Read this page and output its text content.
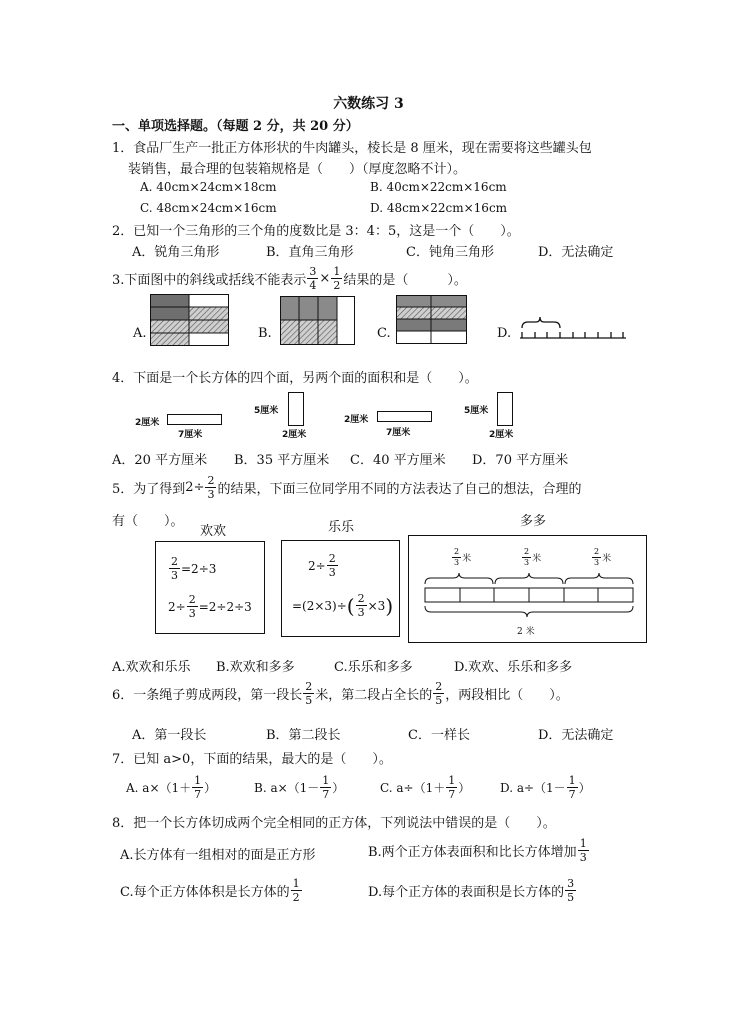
六数练习 3
一、单项选择题。（每题 2 分，共 20 分）
1．食品厂生产一批正方体形状的牛肉罐头，棱长是 8 厘米，现在需要将这些罐头包
装销售，最合理的包装箱规格是（　　）（厚度忽略不计）。
A. 40cm×24cm×18cm	B. 40cm×22cm×16cm
C. 48cm×24cm×16cm	D. 48cm×22cm×16cm
2．已知一个三角形的三个角的度数比是 3：4：5，这是一个（　　）。
A．锐角三角形	B．直角三角形	C．钝角三角形	D．无法确定
3.下面图中的斜线或括线不能表示 $\frac{3}{4} \times \frac{1}{2}$ 结果的是（　　　）。
A.	B.	C.	D.
4．下面是一个长方体的四个面，另两个面的面积和是（　　）。
2厘米
7厘米
5厘米
2厘米
2厘米
7厘米
5厘米
2厘米
A．20 平方厘米 B．35 平方厘米 C．40 平方厘米 D．70 平方厘米
5．为了得到 $2 \div \frac{2}{3}$ 的结果，下面三位同学用不同的方法表达了自己的想法，合理的
有（　　）。
欢欢	乐乐	多多
$\frac{2}{3} =2\div 3$
$2\div \frac{2}{3} =2\div 2\div 3$
$2\div \frac{2}{3}$
=(2×3)÷ ( $\frac{2}{3} \times 3$ )
$\frac{2}{3}$ 米	$\frac{2}{3}$ 米	$\frac{2}{3}$ 米
2 米
A.欢欢和乐乐 B.欢欢和多多	C.乐乐和多多	D.欢欢、乐乐和多多
6．一条绳子剪成两段，第一段长 $\frac{2}{5}$ 米，第二段占全长的 $\frac{2}{5}$ ，两段相比（　　）。
A．第一段长	B．第二段长	C．一样长	D．无法确定
7．已知 a>0，下面的结果，最大的是（　　）。
A. $a\times(1+ \frac{1}{7}$ ）	B. $a\times(1- \frac{1}{7}$ ）	C. $a\div(1+ \frac{1}{7}$ ） D. $a\div(1- \frac{1}{7}$ ）
8．把一个长方体切成两个完全相同的正方体，下列说法中错误的是（　　）。
A.长方体有一组相对的面是正方形	B.两个正方体表面积和比长方体增加 $\frac{1}{3}$
C.每个正方体体积是长方体的 $\frac{1}{2}$	D.每个正方体的表面积是长方体的 $\frac{3}{5}$
